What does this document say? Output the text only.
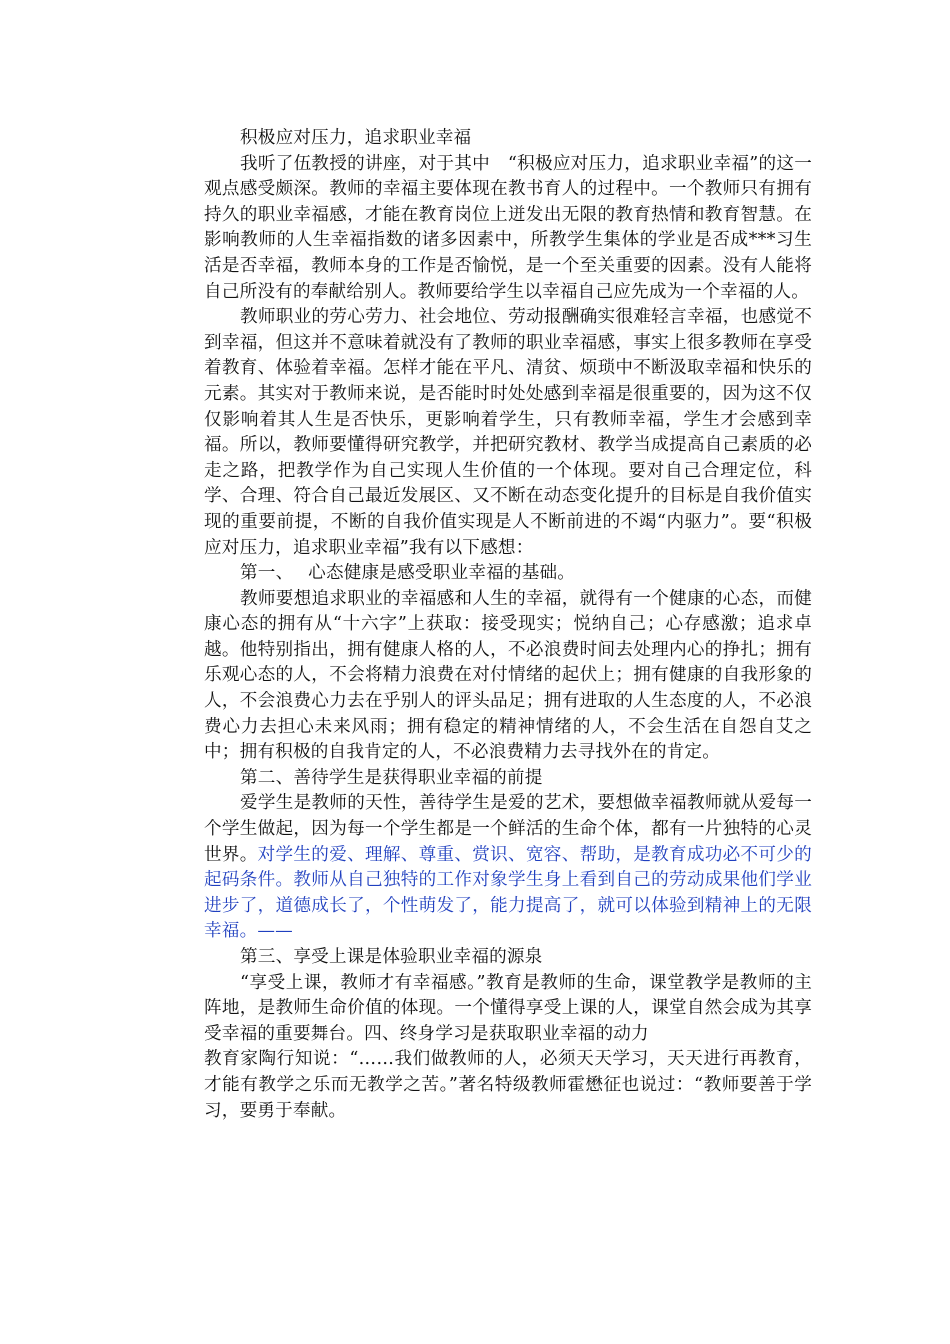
积极应对压力，追求职业幸福

我听了伍教授的讲座，对于其中　“积极应对压力，追求职业幸福”的这一观点感受颇深。教师的幸福主要体现在教书育人的过程中。一个教师只有拥有持久的职业幸福感，才能在教育岗位上迸发出无限的教育热情和教育智慧。在影响教师的人生幸福指数的诸多因素中，所教学生集体的学业是否成***习生活是否幸福，教师本身的工作是否愉悦，是一个至关重要的因素。没有人能将自己所没有的奉献给别人。教师要给学生以幸福自己应先成为一个幸福的人。

教师职业的劳心劳力、社会地位、劳动报酬确实很难轻言幸福，也感觉不到幸福，但这并不意味着就没有了教师的职业幸福感，事实上很多教师在享受着教育、体验着幸福。怎样才能在平凡、清贫、烦琐中不断汲取幸福和快乐的元素。其实对于教师来说，是否能时时处处感到幸福是很重要的，因为这不仅仅影响着其人生是否快乐，更影响着学生，只有教师幸福，学生才会感到幸福。所以，教师要懂得研究教学，并把研究教材、教学当成提高自己素质的必走之路，把教学作为自己实现人生价值的一个体现。要对自己合理定位，科学、合理、符合自己最近发展区、又不断在动态变化提升的目标是自我价值实现的重要前提，不断的自我价值实现是人不断前进的不竭“内驱力”。要“积极应对压力，追求职业幸福”我有以下感想：

第一、　 心态健康是感受职业幸福的基础。

教师要想追求职业的幸福感和人生的幸福，就得有一个健康的心态，而健康心态的拥有从“十六字”上获取：接受现实；悦纳自己；心存感激；追求卓越。他特别指出，拥有健康人格的人，不必浪费时间去处理内心的挣扎；拥有乐观心态的人，不会将精力浪费在对付情绪的起伏上；拥有健康的自我形象的人，不会浪费心力去在乎别人的评头品足；拥有进取的人生态度的人，不必浪费心力去担心未来风雨；拥有稳定的精神情绪的人，不会生活在自怨自艾之中；拥有积极的自我肯定的人，不必浪费精力去寻找外在的肯定。

第二、善待学生是获得职业幸福的前提

爱学生是教师的天性，善待学生是爱的艺术，要想做幸福教师就从爱每一个学生做起，因为每一个学生都是一个鲜活的生命个体，都有一片独特的心灵世界。对学生的爱、理解、尊重、赏识、宽容、帮助，是教育成功必不可少的起码条件。教师从自己独特的工作对象学生身上看到自己的劳动成果他们学业进步了，道德成长了，个性萌发了，能力提高了，就可以体验到精神上的无限幸福。——

第三、享受上课是体验职业幸福的源泉

“享受上课，教师才有幸福感。”教育是教师的生命，课堂教学是教师的主阵地，是教师生命价值的体现。一个懂得享受上课的人，课堂自然会成为其享受幸福的重要舞台。四、终身学习是获取职业幸福的动力

教育家陶行知说：“……我们做教师的人，必须天天学习，天天进行再教育，才能有教学之乐而无教学之苦。”著名特级教师霍懋征也说过：“教师要善于学习，要勇于奉献。
